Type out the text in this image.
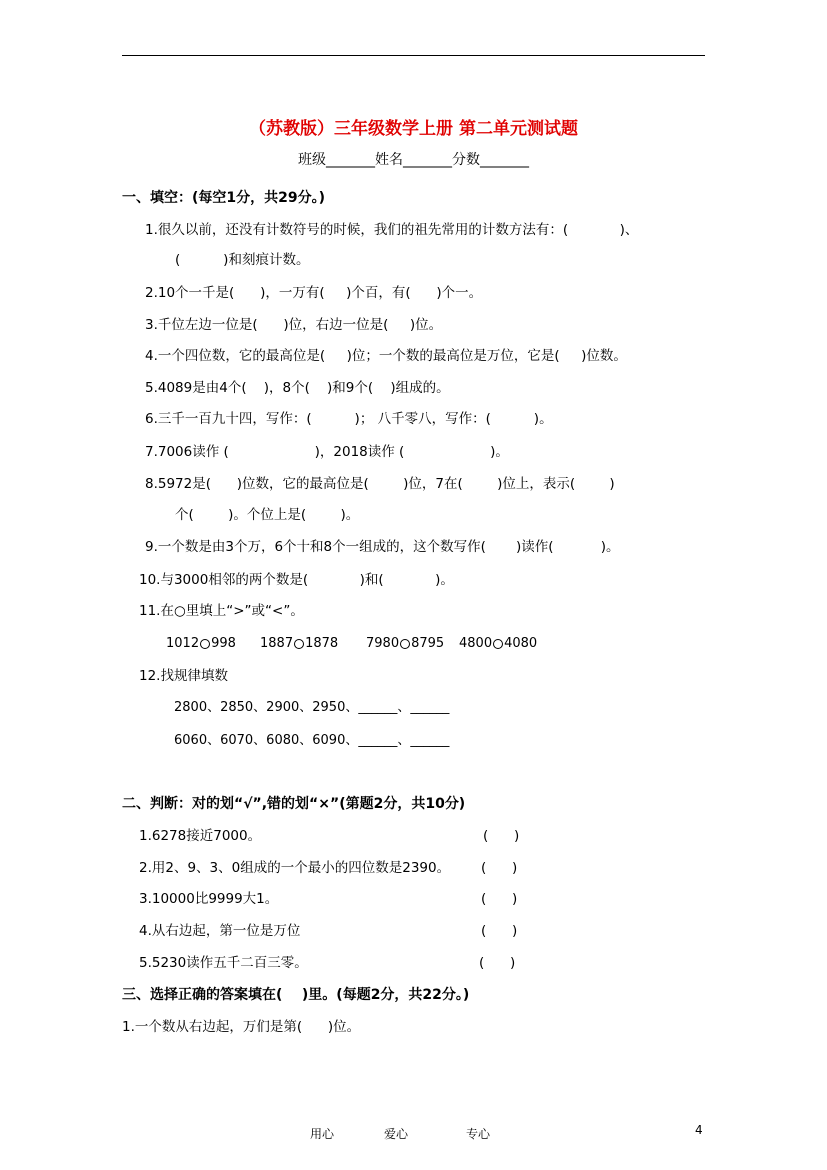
（苏教版）三年级数学上册 第二单元测试题
班级_______姓名_______分数_______
一、填空：(每空1分，共29分。)
1.很久以前，还没有计数符号的时候，我们的祖先常用的计数方法有：(            )、
(          )和刻痕计数。
2.10个一千是(      )，一万有(     )个百，有(      )个一。
3.千位左边一位是(      )位，右边一位是(     )位。
4.一个四位数，它的最高位是(     )位；一个数的最高位是万位，它是(     )位数。
5.4089是由4个(    )，8个(    )和9个(    )组成的。
6.三千一百九十四，写作：(          )； 八千零八，写作：(          )。
7.7006读作 (                    )，2018读作 (                    )。
8.5972是(      )位数，它的最高位是(        )位，7在(        )位上，表示(        )
个(        )。个位上是(        )。
9.一个数是由3个万，6个十和8个一组成的，这个数写作(       )读作(           )。
10.与3000相邻的两个数是(            )和(            )。
11.在○里填上“>”或“<”。
1012 998 1887 1878 7980 8795 4800 4080
12.找规律填数
2800、2850、2900、2950、______、______
6060、6070、6080、6090、______、______
二、判断：对的划“√”,错的划“×”(第题2分，共10分)
1.6278接近7000。	(      )
2.用2、9、3、0组成的一个最小的四位数是2390。 (      )
3.10000比9999大1。	(      )
4.从右边起，第一位是万位	(      )
5.5230读作五千二百三零。	(      )
三、选择正确的答案填在(    )里。(每题2分，共22分。)
1.一个数从右边起，万们是第(      )位。
用心	爱心	专心	4
